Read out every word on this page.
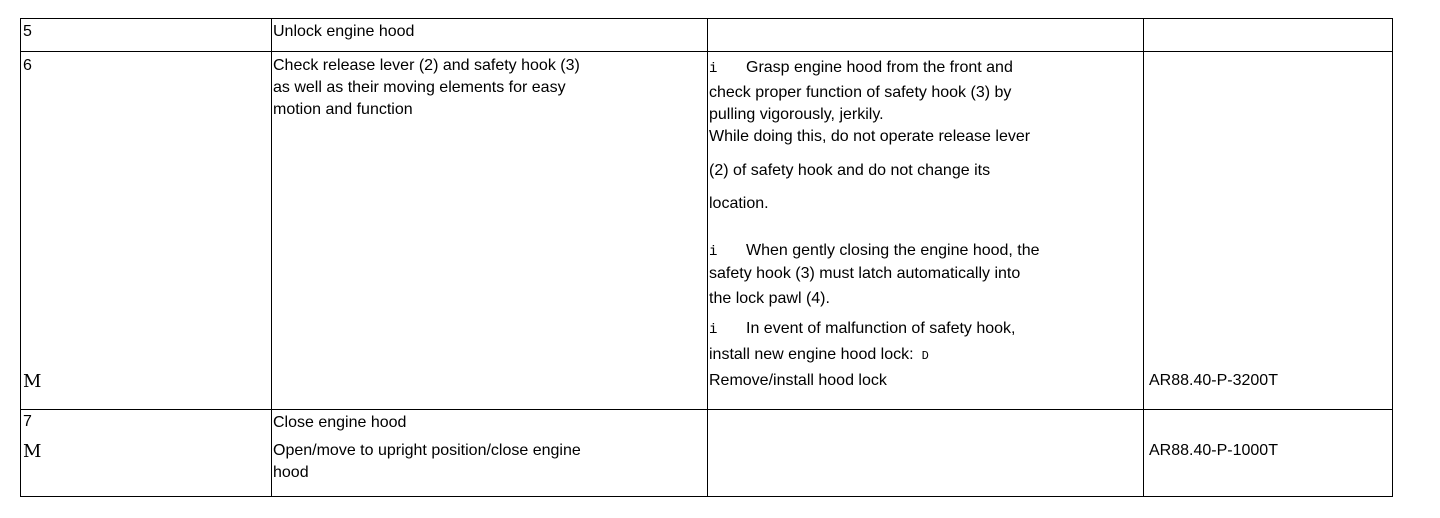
5	Unlock engine hood
6
M
Check release lever (2) and safety hook (3)
as well as their moving elements for easy
motion and function
i Grasp engine hood from the front and
check proper function of safety hook (3) by
pulling vigorously, jerkily.
While doing this, do not operate release lever
(2) of safety hook and do not change its
location.
i When gently closing the engine hood, the
safety hook (3) must latch automatically into
the lock pawl (4).
i In event of malfunction of safety hook,
install new engine hood lock: D
Remove/install hood lock	AR88.40-P-3200T
7
M
Close engine hood
Open/move to upright position/close engine
hood
AR88.40-P-1000T
